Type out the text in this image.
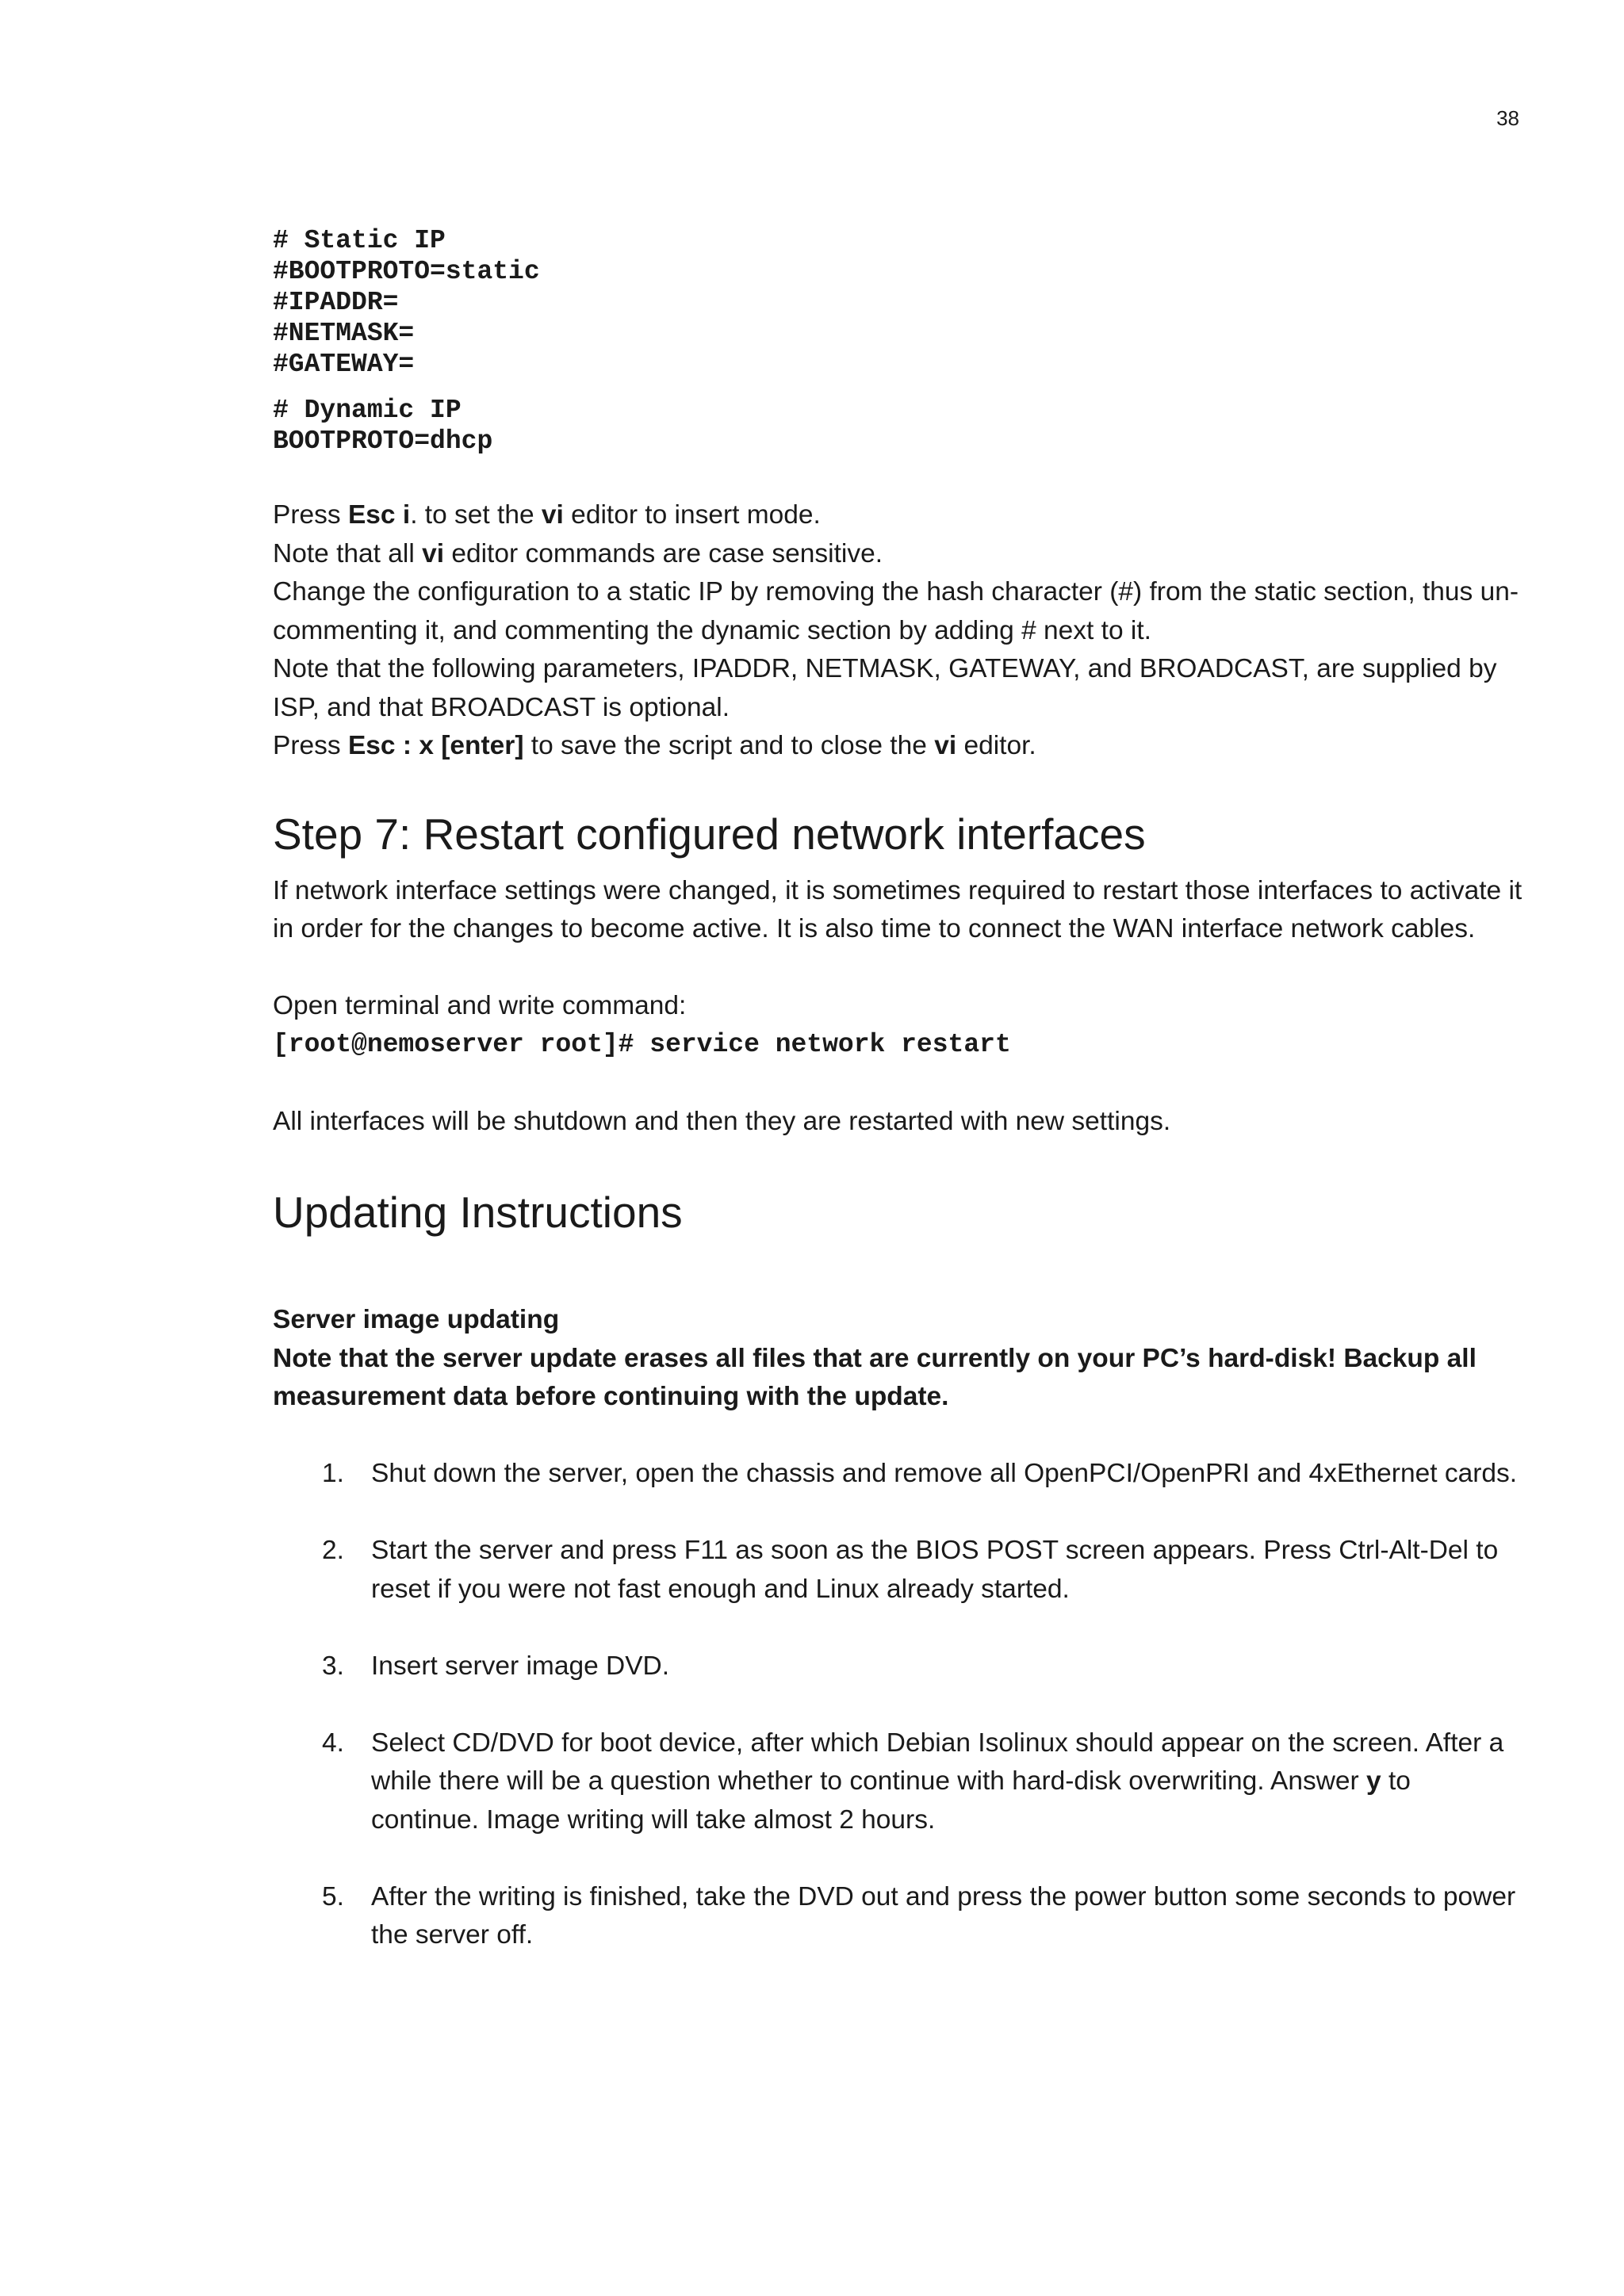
38
# Static IP
#BOOTPROTO=static
#IPADDR=
#NETMASK=
#GATEWAY=
# Dynamic IP
BOOTPROTO=dhcp
Press Esc i. to set the vi editor to insert mode.
Note that all vi editor commands are case sensitive.
Change the configuration to a static IP by removing the hash character (#) from the static section, thus un-commenting it, and commenting the dynamic section by adding # next to it.
Note that the following parameters, IPADDR, NETMASK, GATEWAY, and BROADCAST, are supplied by ISP, and that BROADCAST is optional.
Press Esc : x [enter] to save the script and to close the vi editor.
Step 7: Restart configured network interfaces
If network interface settings were changed, it is sometimes required to restart those interfaces to activate it in order for the changes to become active. It is also time to connect the WAN interface network cables.
Open terminal and write command:
[root@nemoserver root]# service network restart
All interfaces will be shutdown and then they are restarted with new settings.
Updating Instructions
Server image updating
Note that the server update erases all files that are currently on your PC’s hard-disk! Backup all measurement data before continuing with the update.
1. Shut down the server, open the chassis and remove all OpenPCI/OpenPRI and 4xEthernet cards.
2. Start the server and press F11 as soon as the BIOS POST screen appears. Press Ctrl-Alt-Del to reset if you were not fast enough and Linux already started.
3. Insert server image DVD.
4. Select CD/DVD for boot device, after which Debian Isolinux should appear on the screen. After a while there will be a question whether to continue with hard-disk overwriting. Answer y to continue. Image writing will take almost 2 hours.
5. After the writing is finished, take the DVD out and press the power button some seconds to power the server off.
